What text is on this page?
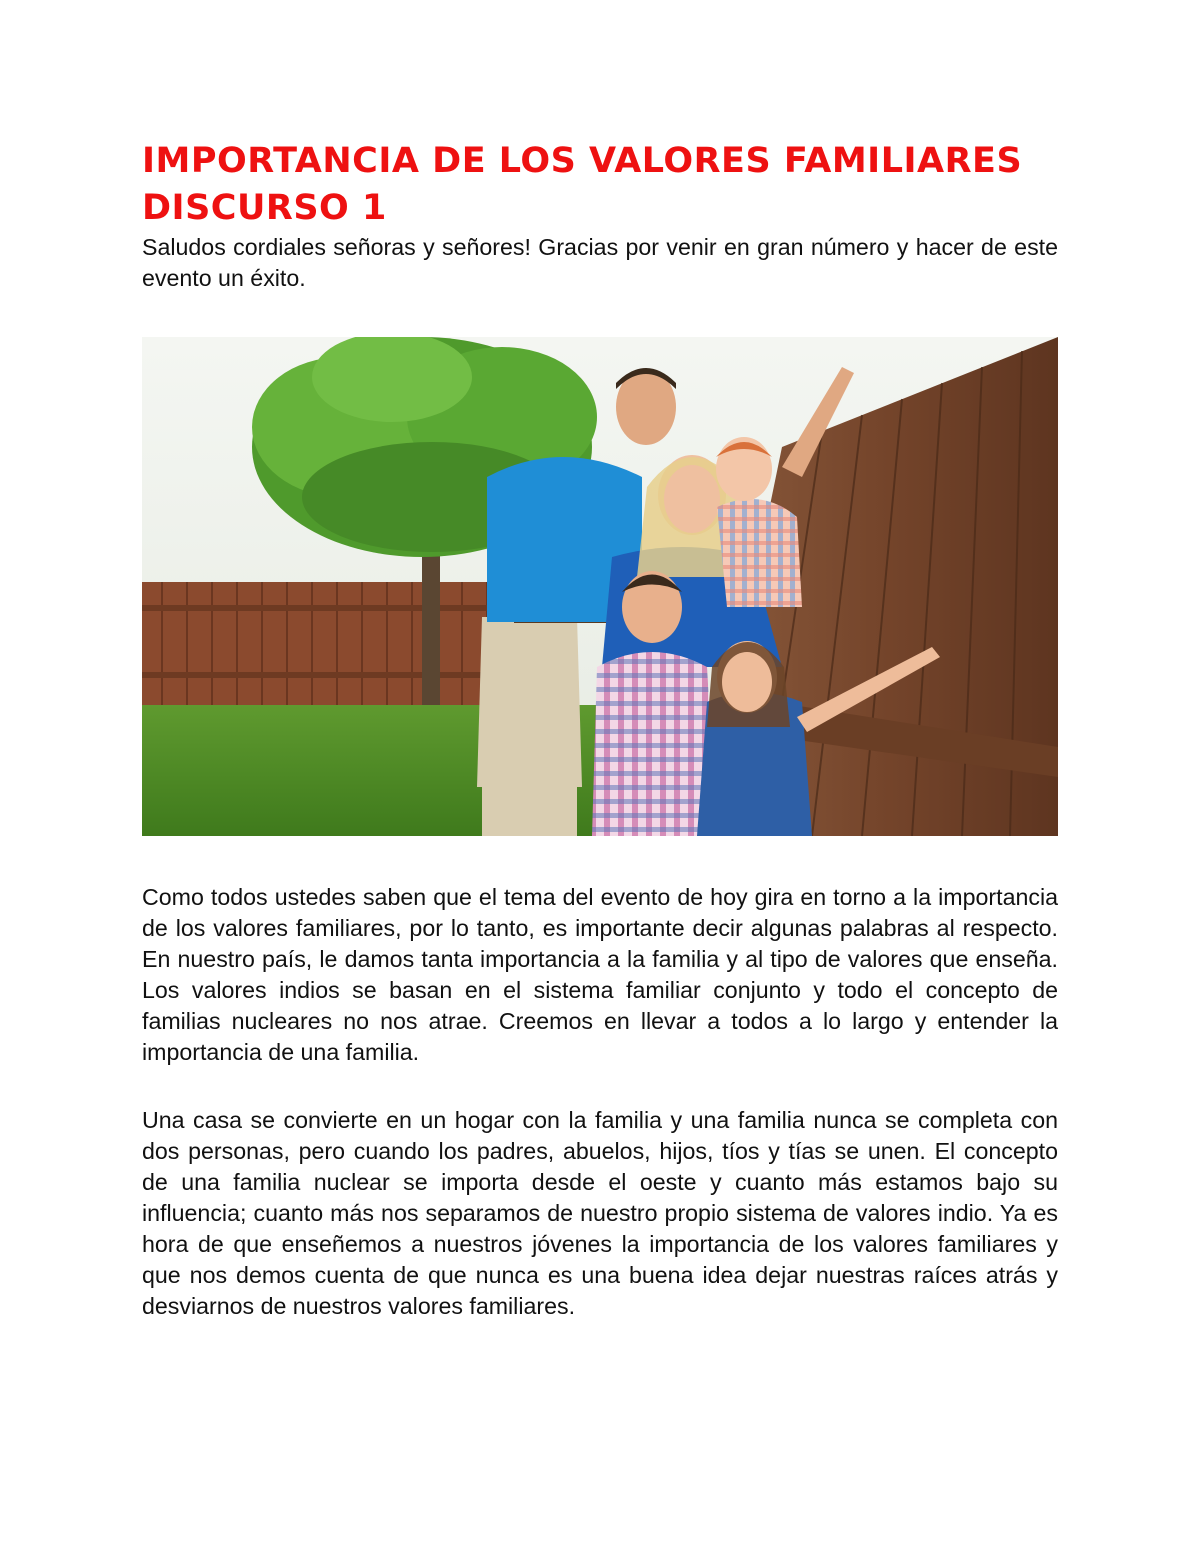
IMPORTANCIA DE LOS VALORES FAMILIARES
DISCURSO 1

Saludos cordiales señoras y señores! Gracias por venir en gran número y hacer de este evento un éxito.

Como todos ustedes saben que el tema del evento de hoy gira en torno a la importancia de los valores familiares, por lo tanto, es importante decir algunas palabras al respecto. En nuestro país, le damos tanta importancia a la familia y al tipo de valores que enseña. Los valores indios se basan en el sistema familiar conjunto y todo el concepto de familias nucleares no nos atrae. Creemos en llevar a todos a lo largo y entender la importancia de una familia.

Una casa se convierte en un hogar con la familia y una familia nunca se completa con dos personas, pero cuando los padres, abuelos, hijos, tíos y tías se unen. El concepto de una familia nuclear se importa desde el oeste y cuanto más estamos bajo su influencia; cuanto más nos separamos de nuestro propio sistema de valores indio. Ya es hora de que enseñemos a nuestros jóvenes la importancia de los valores familiares y que nos demos cuenta de que nunca es una buena idea dejar nuestras raíces atrás y desviarnos de nuestros valores familiares.
